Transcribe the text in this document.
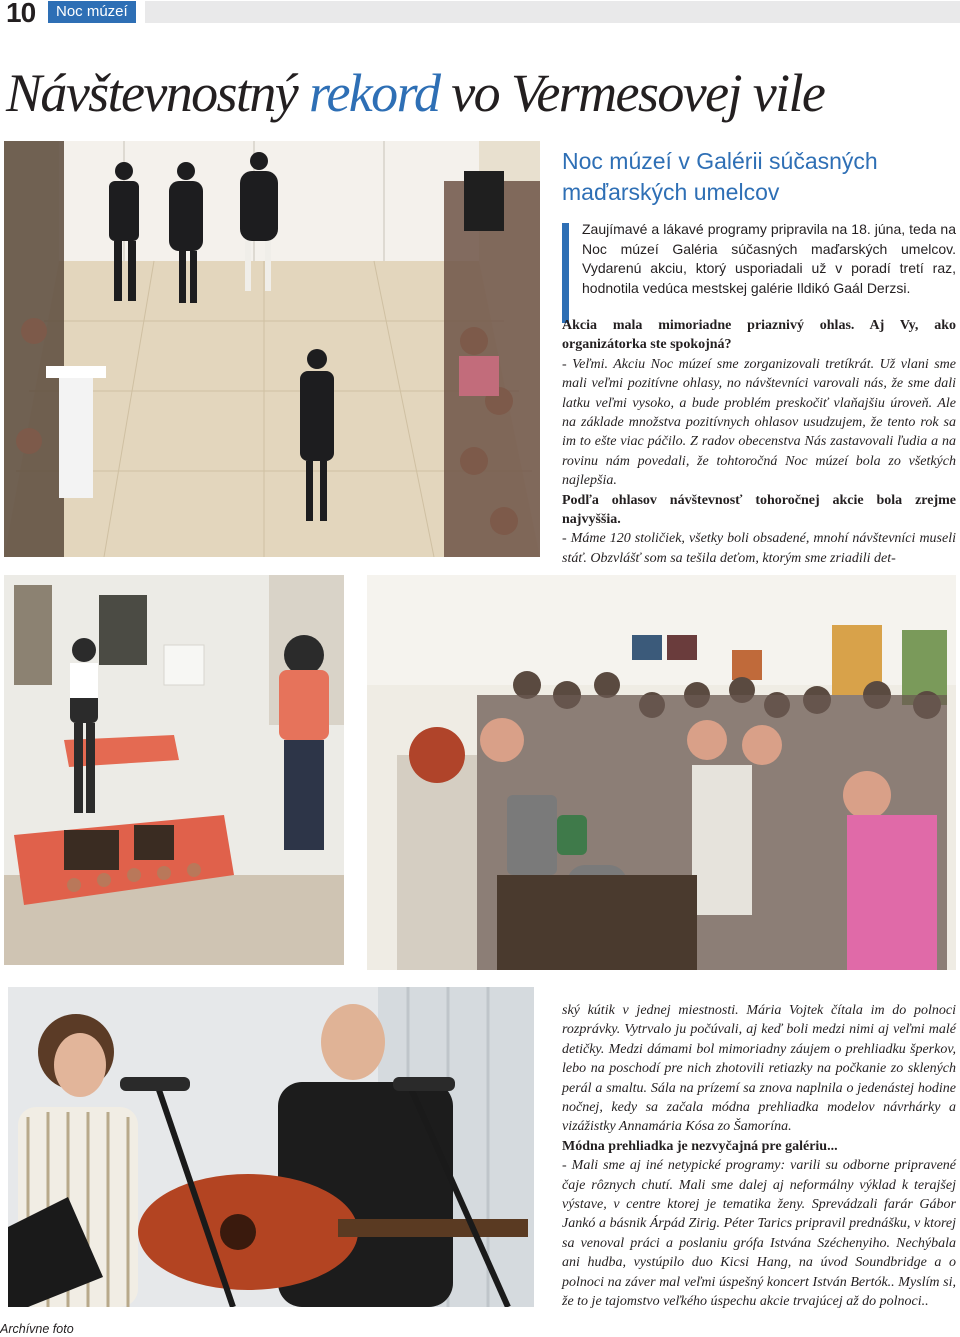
10	Noc múzeí
Návštevnostný rekord vo Vermesovej vile
Noc múzeí v Galérii súčasných maďarských umelcov

Zaujímavé a lákavé programy pripravila na 18. júna, teda na Noc múzeí Galéria súčasných maďarských umelcov. Vydarenú akciu, ktorý usporiadali už v poradí tretí raz, hodnotila vedúca mestskej galérie Ildikó Gaál Derzsi.

Akcia mala mimoriadne priaznivý ohlas. Aj Vy, ako organizátorka ste spokojná?

- Veľmi. Akciu Noc múzeí sme zorganizovali tretíkrát. Už vlani sme mali veľmi pozitívne ohlasy, no návštevníci varovali nás, že sme dali latku veľmi vysoko, a bude problém preskočiť vlaňajšiu úroveň. Ale na základe množstva pozitívnych ohlasov usudzujem, že tento rok sa im to ešte viac páčilo. Z radov obecenstva Nás zastavovali ľudia a na rovinu nám povedali, že tohtoročná Noc múzeí bola zo všetkých najlepšia.

Podľa ohlasov návštevnosť tohoročnej akcie bola zrejme najvyššia.

- Máme 120 stoličiek, všetky boli obsadené, mnohí návštevníci museli stáť. Obzvlášť som sa tešila deťom, ktorým sme zriadili det-

ský kútik v jednej miestnosti. Mária Vojtek čítala im do polnoci rozprávky. Vytrvalo ju počúvali, aj keď boli medzi nimi aj veľmi malé detičky. Medzi dámami bol mimoriadny záujem o prehliadku šperkov, lebo na poschodí pre nich zhotovili retiazky na počkanie zo sklených perál a smaltu. Sála na prízemí sa znova naplnila o jedenástej hodine nočnej, kedy sa začala módna prehliadka modelov návrhárky a vizážistky Annamária Kósa zo Šamorína.

Módna prehliadka je nezvyčajná pre galériu...

- Mali sme aj iné netypické programy: varili su odborne pripravené čaje rôznych chutí. Mali sme dalej aj neformálny výklad k terajšej výstave, v centre ktorej je tematika ženy. Sprevádzali farár Gábor Jankó a básnik Árpád Zirig. Péter Tarics pripravil prednášku, v ktorej sa venoval práci a poslaniu grófa Istvána Széchenyiho. Nechýbala ani hudba, vystúpilo duo Kicsi Hang, na úvod Soundbridge a o polnoci na záver mal veľmi úspešný koncert István Bertók.. Myslím si, že to je tajomstvo veľkého úspechu akcie trvajúcej až do polnoci..

Archívne foto
